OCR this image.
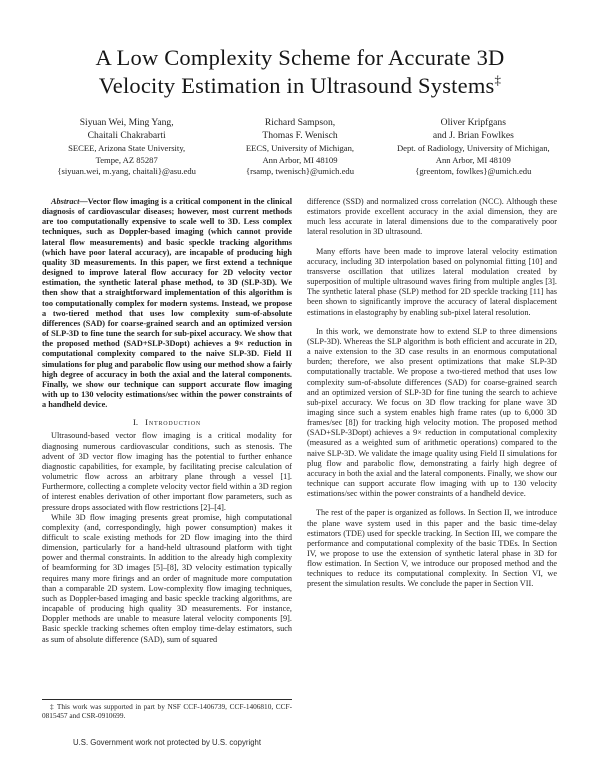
A Low Complexity Scheme for Accurate 3D
Velocity Estimation in Ultrasound Systems‡
Siyuan Wei, Ming Yang,
Chaitali Chakrabarti
SECEE, Arizona State University,
Tempe, AZ 85287
{siyuan.wei, m.yang, chaitali}@asu.edu
Richard Sampson,
Thomas F. Wenisch
EECS, University of Michigan,
Ann Arbor, MI 48109
{rsamp, twenisch}@umich.edu
Oliver Kripfgans
and J. Brian Fowlkes
Dept. of Radiology, University of Michigan,
Ann Arbor, MI 48109
{greentom, fowlkes}@umich.edu

Abstract—Vector flow imaging is a critical component in the clinical diagnosis of cardiovascular diseases; however, most current methods are too computationally expensive to scale well to 3D. Less complex techniques, such as Doppler-based imaging (which cannot provide lateral flow measurements) and basic speckle tracking algorithms (which have poor lateral accuracy), are incapable of producing high quality 3D measurements. In this paper, we first extend a technique designed to improve lateral flow accuracy for 2D velocity vector estimation, the synthetic lateral phase method, to 3D (SLP-3D). We then show that a straightforward implementation of this algorithm is too computationally complex for modern systems. Instead, we propose a two-tiered method that uses low complexity sum-of-absolute differences (SAD) for coarse-grained search and an optimized version of SLP-3D to fine tune the search for sub-pixel accuracy. We show that the proposed method (SAD+SLP-3Dopt) achieves a 9× reduction in computational complexity compared to the naive SLP-3D. Field II simulations for plug and parabolic flow using our method show a fairly high degree of accuracy in both the axial and the lateral components. Finally, we show our technique can support accurate flow imaging with up to 130 velocity estimations/sec within the power constraints of a handheld device.

I. Introduction

Ultrasound-based vector flow imaging is a critical modality for diagnosing numerous cardiovascular conditions, such as stenosis. The advent of 3D vector flow imaging has the potential to further enhance diagnostic capabilities, for example, by facilitating precise calculation of volumetric flow across an arbitrary plane through a vessel [1]. Furthermore, collecting a complete velocity vector field within a 3D region of interest enables derivation of other important flow parameters, such as pressure drops associated with flow restrictions [2]–[4].

While 3D flow imaging presents great promise, high computational complexity (and, correspondingly, high power consumption) makes it difficult to scale existing methods for 2D flow imaging into the third dimension, particularly for a hand-held ultrasound platform with tight power and thermal constraints. In addition to the already high complexity of beamforming for 3D images [5]–[8], 3D velocity estimation typically requires many more firings and an order of magnitude more computation than a comparable 2D system. Low-complexity flow imaging techniques, such as Doppler-based imaging and basic speckle tracking algorithms, are incapable of producing high quality 3D measurements. For instance, Doppler methods are unable to measure lateral velocity components [9]. Basic speckle tracking schemes often employ time-delay estimators, such as sum of absolute difference (SAD), sum of squared

difference (SSD) and normalized cross correlation (NCC). Although these estimators provide excellent accuracy in the axial dimension, they are much less accurate in lateral dimensions due to the comparatively poor lateral resolution in 3D ultrasound.

Many efforts have been made to improve lateral velocity estimation accuracy, including 3D interpolation based on polynomial fitting [10] and transverse oscillation that utilizes lateral modulation created by superposition of multiple ultrasound waves firing from multiple angles [3]. The synthetic lateral phase (SLP) method for 2D speckle tracking [11] has been shown to significantly improve the accuracy of lateral displacement estimations in elastography by enabling sub-pixel lateral resolution.

In this work, we demonstrate how to extend SLP to three dimensions (SLP-3D). Whereas the SLP algorithm is both efficient and accurate in 2D, a naive extension to the 3D case results in an enormous computational burden; therefore, we also present optimizations that make SLP-3D computationally tractable. We propose a two-tiered method that uses low complexity sum-of-absolute differences (SAD) for coarse-grained search and an optimized version of SLP-3D for fine tuning the search to achieve sub-pixel accuracy. We focus on 3D flow tracking for plane wave 3D imaging since such a system enables high frame rates (up to 6,000 3D frames/sec [8]) for tracking high velocity motion. The proposed method (SAD+SLP-3Dopt) achieves a 9× reduction in computational complexity (measured as a weighted sum of arithmetic operations) compared to the naive SLP-3D. We validate the image quality using Field II simulations for plug flow and parabolic flow, demonstrating a fairly high degree of accuracy in both the axial and the lateral components. Finally, we show our technique can support accurate flow imaging with up to 130 velocity estimations/sec within the power constraints of a handheld device.

The rest of the paper is organized as follows. In Section II, we introduce the plane wave system used in this paper and the basic time-delay estimators (TDE) used for speckle tracking. In Section III, we compare the performance and computational complexity of the basic TDEs. In Section IV, we propose to use the extension of synthetic lateral phase in 3D for flow estimation. In Section V, we introduce our proposed method and the techniques to reduce its computational complexity. In Section VI, we present the simulation results. We conclude the paper in Section VII.

‡ This work was supported in part by NSF CCF-1406739, CCF-1406810, CCF-0815457 and CSR-0910699.

U.S. Government work not protected by U.S. copyright
